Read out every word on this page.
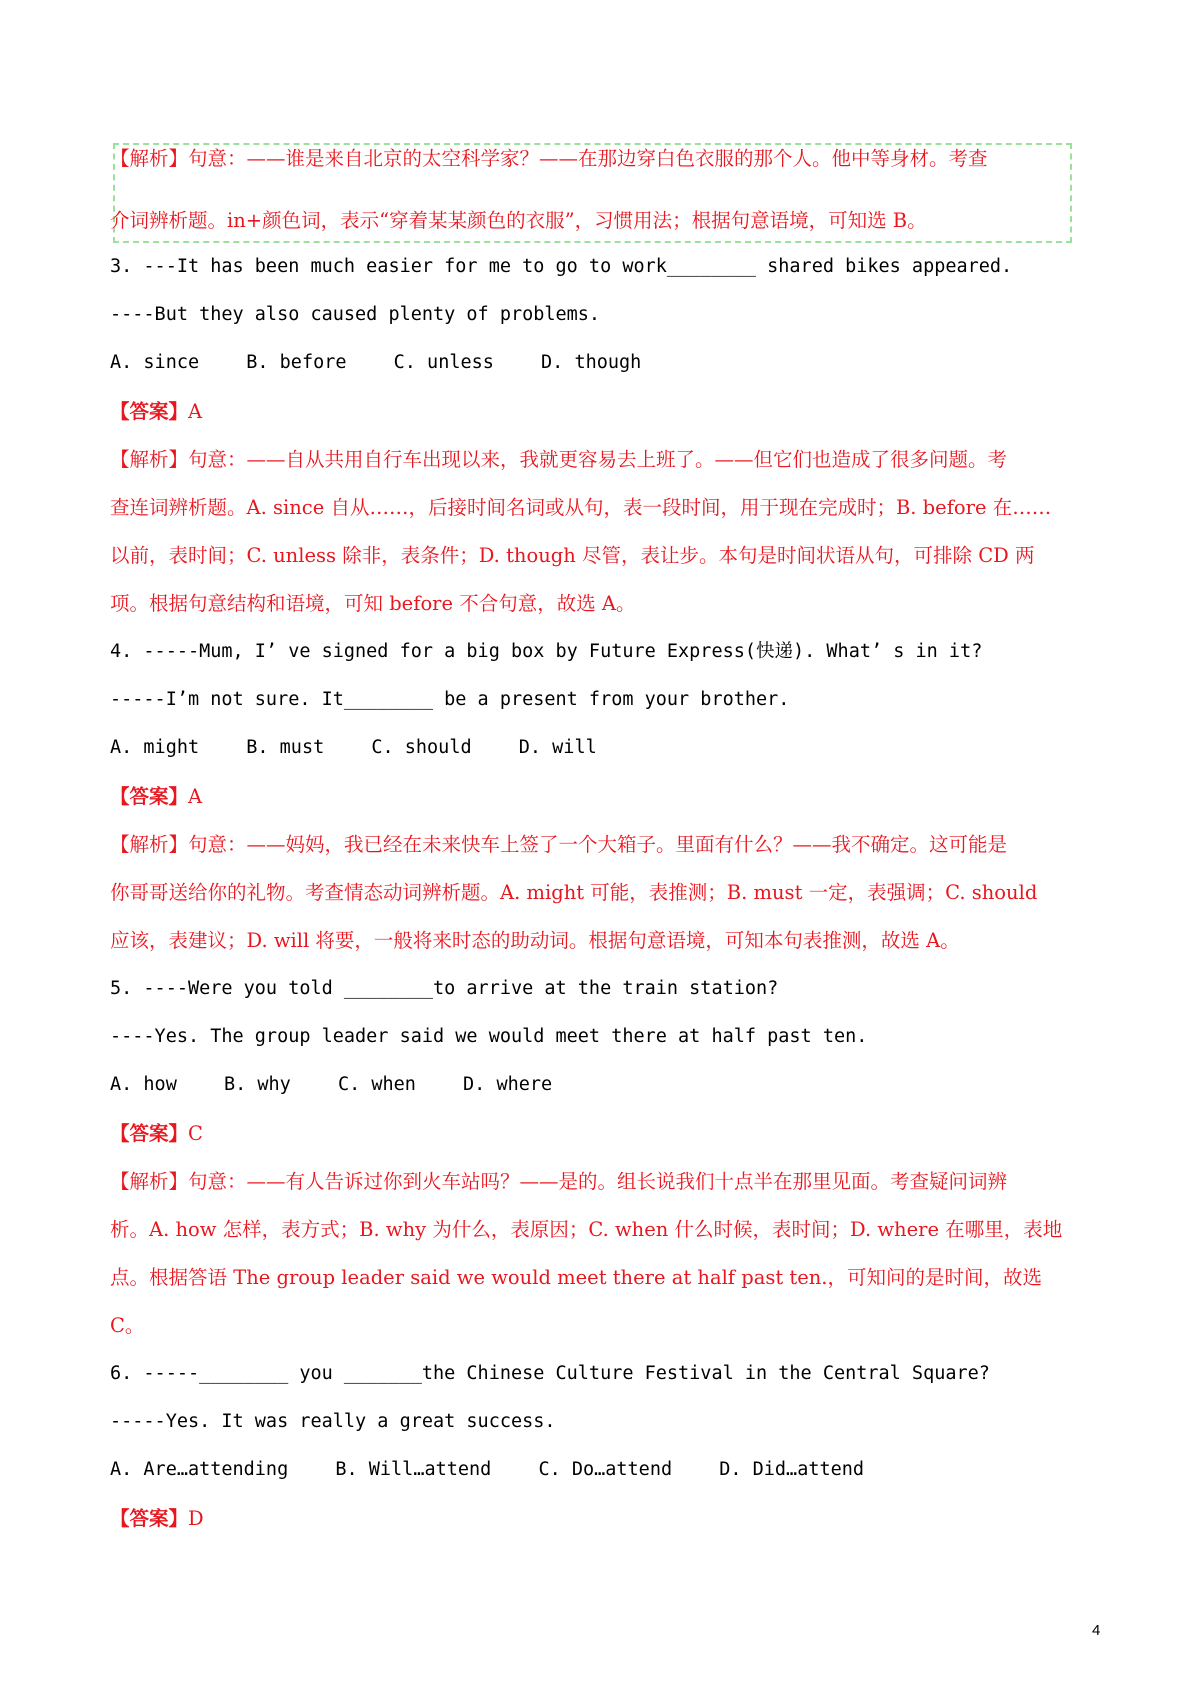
【解析】句意：——谁是来自北京的太空科学家？——在那边穿白色衣服的那个人。他中等身材。考查
介词辨析题。in+颜色词，表示“穿着某某颜色的衣服”，习惯用法；根据句意语境，可知选 B。
3. ---It has been much easier for me to go to work________ shared bikes appeared.
----But they also caused plenty of problems.
A. since	B. before	C. unless	D. though
【答案】A
【解析】句意：——自从共用自行车出现以来，我就更容易去上班了。——但它们也造成了很多问题。考
查连词辨析题。A. since 自从……，后接时间名词或从句，表一段时间，用于现在完成时；B. before 在……
以前，表时间；C. unless 除非，表条件；D. though 尽管，表让步。本句是时间状语从句，可排除 CD 两
项。根据句意结构和语境，可知 before 不合句意，故选 A。
4. -----Mum, I’ ve signed for a big box by Future Express(快递). What’ s in it?
-----I’m not sure. It________ be a present from your brother.
A. might	B. must	C. should	D. will
【答案】A
【解析】句意：——妈妈，我已经在未来快车上签了一个大箱子。里面有什么？——我不确定。这可能是
你哥哥送给你的礼物。考查情态动词辨析题。A. might 可能，表推测；B. must 一定，表强调；C. should
应该，表建议；D. will 将要，一般将来时态的助动词。根据句意语境，可知本句表推测，故选 A。
5. ----Were you told ________to arrive at the train station?
----Yes. The group leader said we would meet there at half past ten.
A. how	B. why	C. when	D. where
【答案】C
【解析】句意：——有人告诉过你到火车站吗？——是的。组长说我们十点半在那里见面。考查疑问词辨
析。A. how 怎样，表方式；B. why 为什么，表原因；C. when 什么时候，表时间；D. where 在哪里，表地
点。根据答语 The group leader said we would meet there at half past ten.，可知问的是时间，故选
C。
6. -----________ you _______the Chinese Culture Festival in the Central Square?
-----Yes. It was really a great success.
A. Are…attending	B. Will…attend	C. Do…attend	D. Did…attend
【答案】D
4
